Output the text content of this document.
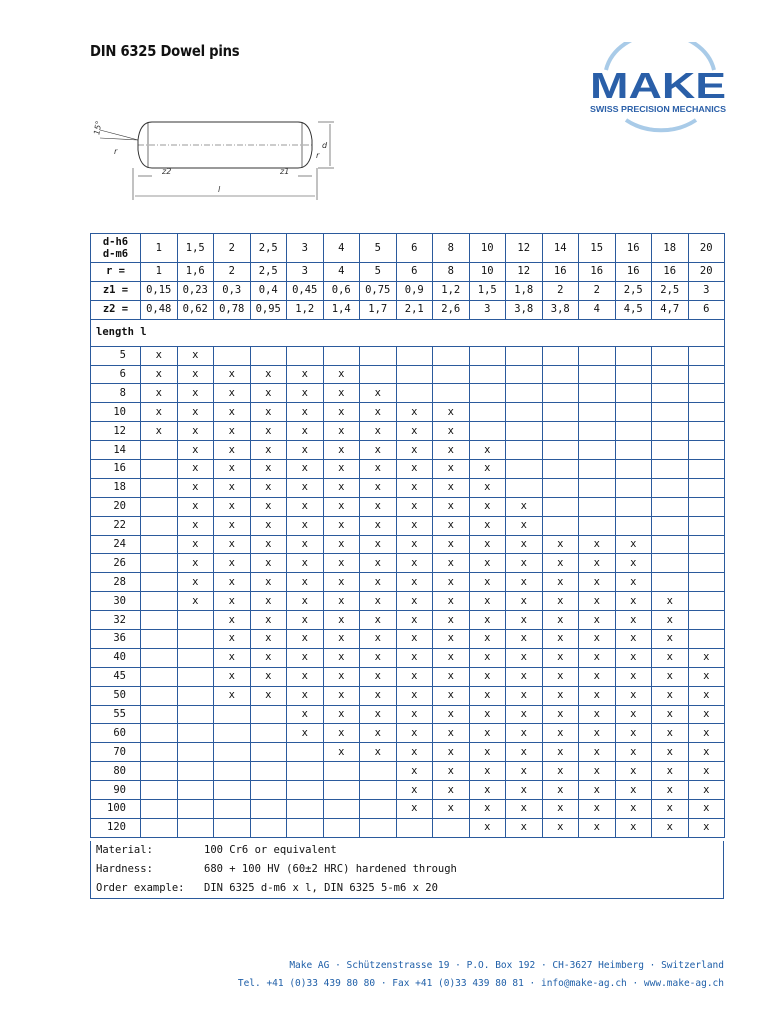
DIN 6325 Dowel pins
MAKE
SWISS PRECISION MECHANICS
15°
r	r
d
z2	z1
l
d-h6
d-m6	1	1,5	2	2,5	3	4	5	6	8	10	12	14	15	16	18	20
r =	1	1,6	2	2,5	3	4	5	6	8	10	12	16	16	16	16	20
z1 =	0,15	0,23	0,3	0,4	0,45	0,6	0,75	0,9	1,2	1,5	1,8	2	2	2,5	2,5	3
z2 =	0,48	0,62	0,78	0,95	1,2	1,4	1,7	2,1	2,6	3	3,8	3,8	4	4,5	4,7	6
length l																
5	x	x														
6	x	x	x	x	x	x										
8	x	x	x	x	x	x	x									
10	x	x	x	x	x	x	x	x	x							
12	x	x	x	x	x	x	x	x	x							
14		x	x	x	x	x	x	x	x	x						
16		x	x	x	x	x	x	x	x	x						
18		x	x	x	x	x	x	x	x	x						
20		x	x	x	x	x	x	x	x	x	x					
22		x	x	x	x	x	x	x	x	x	x					
24		x	x	x	x	x	x	x	x	x	x	x	x	x		
26		x	x	x	x	x	x	x	x	x	x	x	x	x		
28		x	x	x	x	x	x	x	x	x	x	x	x	x		
30		x	x	x	x	x	x	x	x	x	x	x	x	x	x	
32			x	x	x	x	x	x	x	x	x	x	x	x	x	
36			x	x	x	x	x	x	x	x	x	x	x	x	x	
40			x	x	x	x	x	x	x	x	x	x	x	x	x	x
45			x	x	x	x	x	x	x	x	x	x	x	x	x	x
50			x	x	x	x	x	x	x	x	x	x	x	x	x	x
55					x	x	x	x	x	x	x	x	x	x	x	x
60					x	x	x	x	x	x	x	x	x	x	x	x
70						x	x	x	x	x	x	x	x	x	x	x
80								x	x	x	x	x	x	x	x	x
90								x	x	x	x	x	x	x	x	x
100								x	x	x	x	x	x	x	x	x
120										x	x	x	x	x	x	x
Material:	100 Cr6 or equivalent
Hardness:	680 + 100 HV (60±2 HRC) hardened through
Order example:	DIN 6325 d-m6 x l, DIN 6325 5-m6 x 20
Make AG · Schützenstrasse 19 · P.O. Box 192 · CH-3627 Heimberg · Switzerland
Tel. +41 (0)33 439 80 80 · Fax +41 (0)33 439 80 81 · info@make-ag.ch · www.make-ag.ch
